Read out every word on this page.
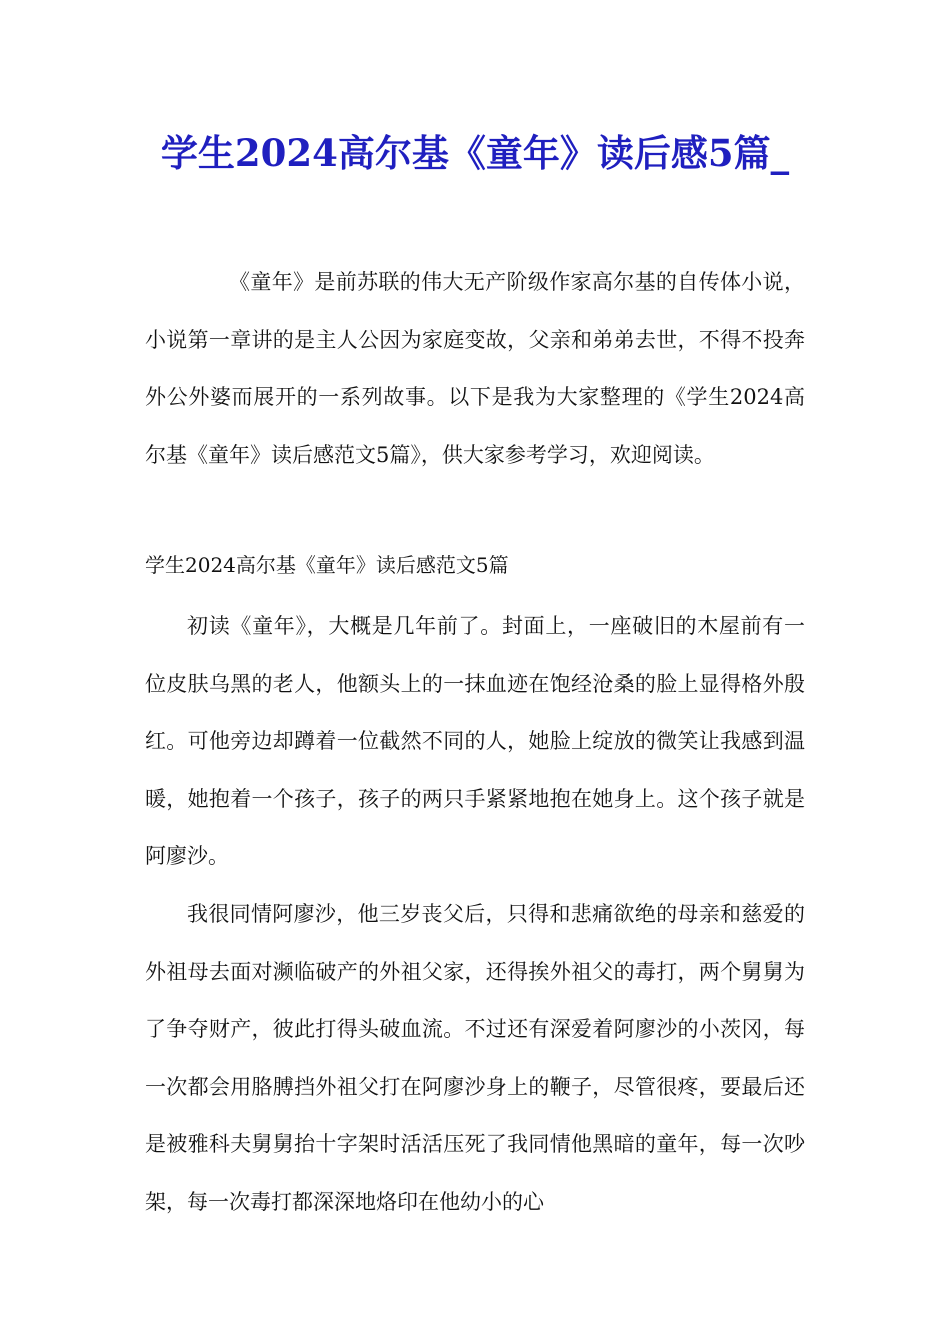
学生2024高尔基《童年》读后感5篇_

《童年》是前苏联的伟大无产阶级作家高尔基的自传体小说，小说第一章讲的是主人公因为家庭变故，父亲和弟弟去世，不得不投奔外公外婆而展开的一系列故事。以下是我为大家整理的《学生2024高尔基《童年》读后感范文5篇》，供大家参考学习，欢迎阅读。

学生2024高尔基《童年》读后感范文5篇

初读《童年》，大概是几年前了。封面上，一座破旧的木屋前有一位皮肤乌黑的老人，他额头上的一抹血迹在饱经沧桑的脸上显得格外殷红。可他旁边却蹲着一位截然不同的人，她脸上绽放的微笑让我感到温暖，她抱着一个孩子，孩子的两只手紧紧地抱在她身上。这个孩子就是阿廖沙。

我很同情阿廖沙，他三岁丧父后，只得和悲痛欲绝的母亲和慈爱的外祖母去面对濒临破产的外祖父家，还得挨外祖父的毒打，两个舅舅为了争夺财产，彼此打得头破血流。不过还有深爱着阿廖沙的小茨冈，每一次都会用胳膊挡外祖父打在阿廖沙身上的鞭子，尽管很疼，要最后还是被雅科夫舅舅抬十字架时活活压死了我同情他黑暗的童年，每一次吵架，每一次毒打都深深地烙印在他幼小的心
